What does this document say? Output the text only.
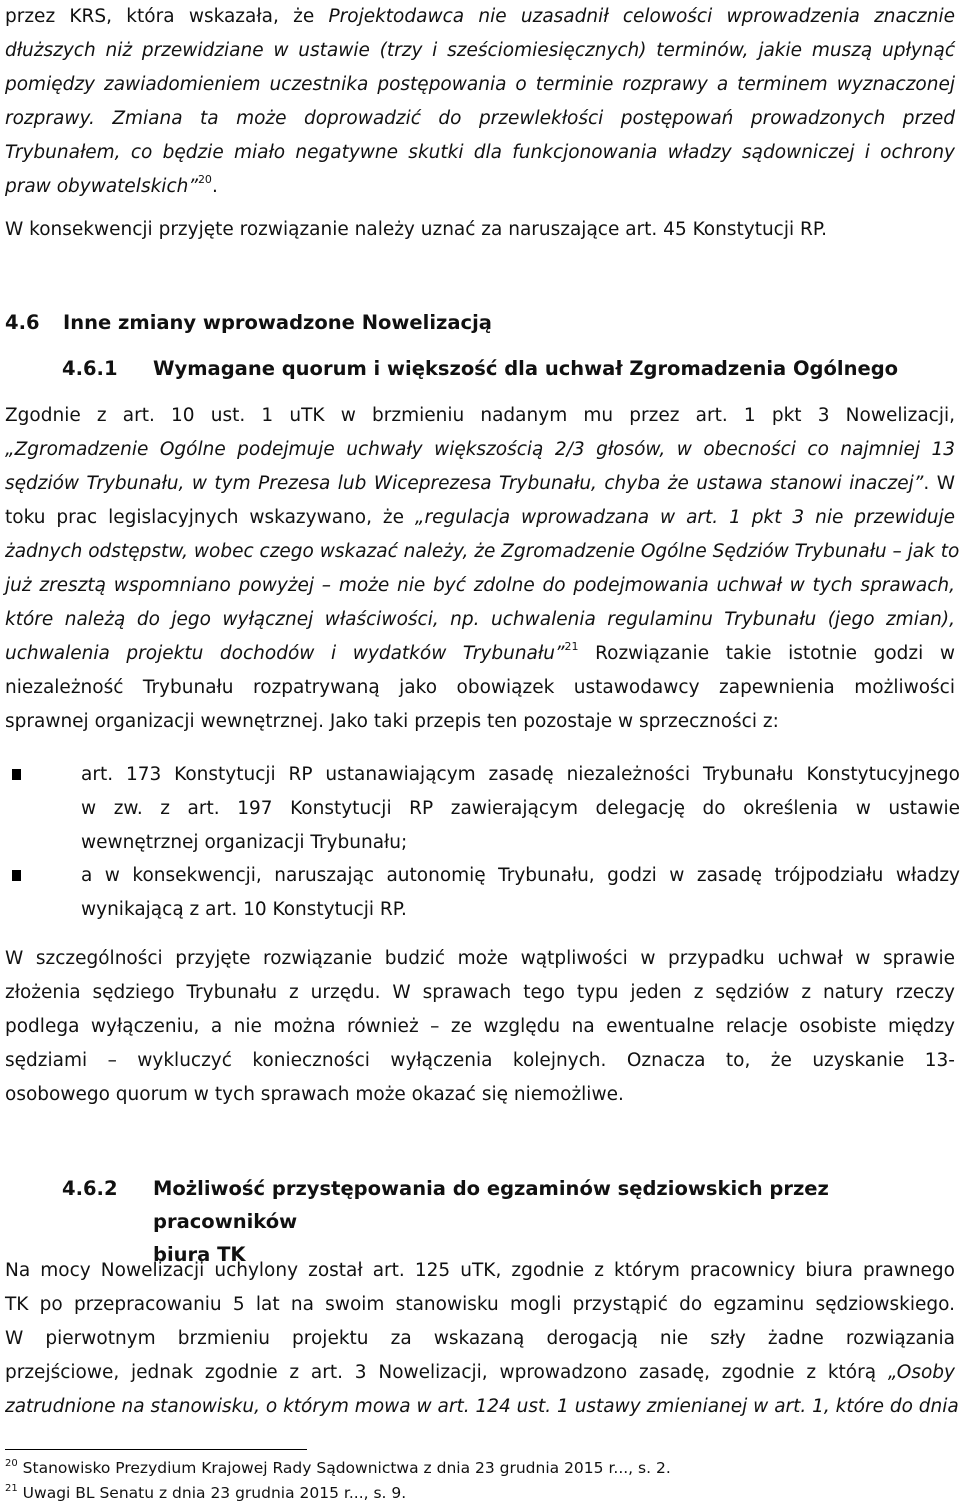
przez KRS, która wskazała, że Projektodawca nie uzasadnił celowości wprowadzenia znacznie
dłuższych niż przewidziane w ustawie (trzy i sześciomiesięcznych) terminów, jakie muszą upłynąć
pomiędzy zawiadomieniem uczestnika postępowania o terminie rozprawy a terminem wyznaczonej
rozprawy. Zmiana ta może doprowadzić do przewlekłości postępowań prowadzonych przed
Trybunałem, co będzie miało negatywne skutki dla funkcjonowania władzy sądowniczej i ochrony
praw obywatelskich”$^{20}$.
W konsekwencji przyjęte rozwiązanie należy uznać za naruszające art. 45 Konstytucji RP.
4.6 Inne zmiany wprowadzone Nowelizacją
4.6.1 Wymagane quorum i większość dla uchwał Zgromadzenia Ogólnego
Zgodnie z art. 10 ust. 1 uTK w brzmieniu nadanym mu przez art. 1 pkt 3 Nowelizacji,
„Zgromadzenie Ogólne podejmuje uchwały większością 2/3 głosów, w obecności co najmniej 13
sędziów Trybunału, w tym Prezesa lub Wiceprezesa Trybunału, chyba że ustawa stanowi inaczej”. W
toku prac legislacyjnych wskazywano, że „regulacja wprowadzana w art. 1 pkt 3 nie przewiduje
żadnych odstępstw, wobec czego wskazać należy, że Zgromadzenie Ogólne Sędziów Trybunału – jak to
już zresztą wspomniano powyżej – może nie być zdolne do podejmowania uchwał w tych sprawach,
które należą do jego wyłącznej właściwości, np. uchwalenia regulaminu Trybunału (jego zmian),
uchwalenia projektu dochodów i wydatków Trybunału”$^{21}$ Rozwiązanie takie istotnie godzi w
niezależność Trybunału rozpatrywaną jako obowiązek ustawodawcy zapewnienia możliwości
sprawnej organizacji wewnętrznej. Jako taki przepis ten pozostaje w sprzeczności z:
art. 173 Konstytucji RP ustanawiającym zasadę niezależności Trybunału Konstytucyjnego
w zw. z art. 197 Konstytucji RP zawierającym delegację do określenia w ustawie
wewnętrznej organizacji Trybunału;
a w konsekwencji, naruszając autonomię Trybunału, godzi w zasadę trójpodziału władzy
wynikającą z art. 10 Konstytucji RP.
W szczególności przyjęte rozwiązanie budzić może wątpliwości w przypadku uchwał w sprawie
złożenia sędziego Trybunału z urzędu. W sprawach tego typu jeden z sędziów z natury rzeczy
podlega wyłączeniu, a nie można również – ze względu na ewentualne relacje osobiste między
sędziami – wykluczyć konieczności wyłączenia kolejnych. Oznacza to, że uzyskanie 13-
osobowego quorum w tych sprawach może okazać się niemożliwe.
4.6.2 Możliwość przystępowania do egzaminów sędziowskich przez pracowników
biura TK
Na mocy Nowelizacji uchylony został art. 125 uTK, zgodnie z którym pracownicy biura prawnego
TK po przepracowaniu 5 lat na swoim stanowisku mogli przystąpić do egzaminu sędziowskiego.
W pierwotnym brzmieniu projektu za wskazaną derogacją nie szły żadne rozwiązania
przejściowe, jednak zgodnie z art. 3 Nowelizacji, wprowadzono zasadę, zgodnie z którą „Osoby
zatrudnione na stanowisku, o którym mowa w art. 124 ust. 1 ustawy zmienianej w art. 1, które do dnia
$^{20}$ Stanowisko Prezydium Krajowej Rady Sądownictwa z dnia 23 grudnia 2015 r..., s. 2.
$^{21}$ Uwagi BL Senatu z dnia 23 grudnia 2015 r..., s. 9.
